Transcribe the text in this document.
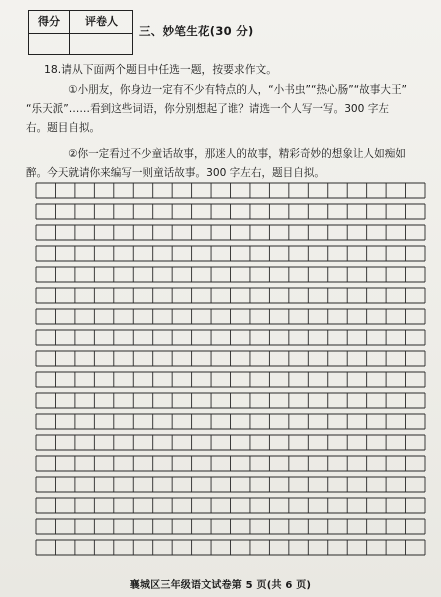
得分	评卷人
三、妙笔生花(30 分)
18.请从下面两个题目中任选一题，按要求作文。
①小朋友，你身边一定有不少有特点的人，“小书虫”“热心肠”“故事大王”
“乐天派”……看到这些词语，你分别想起了谁？请选一个人写一写。300 字左
右。题目自拟。
②你一定看过不少童话故事，那迷人的故事，精彩奇妙的想象让人如痴如
醉。今天就请你来编写一则童话故事。300 字左右，题目自拟。
襄城区三年级语文试卷第 5 页(共 6 页)
